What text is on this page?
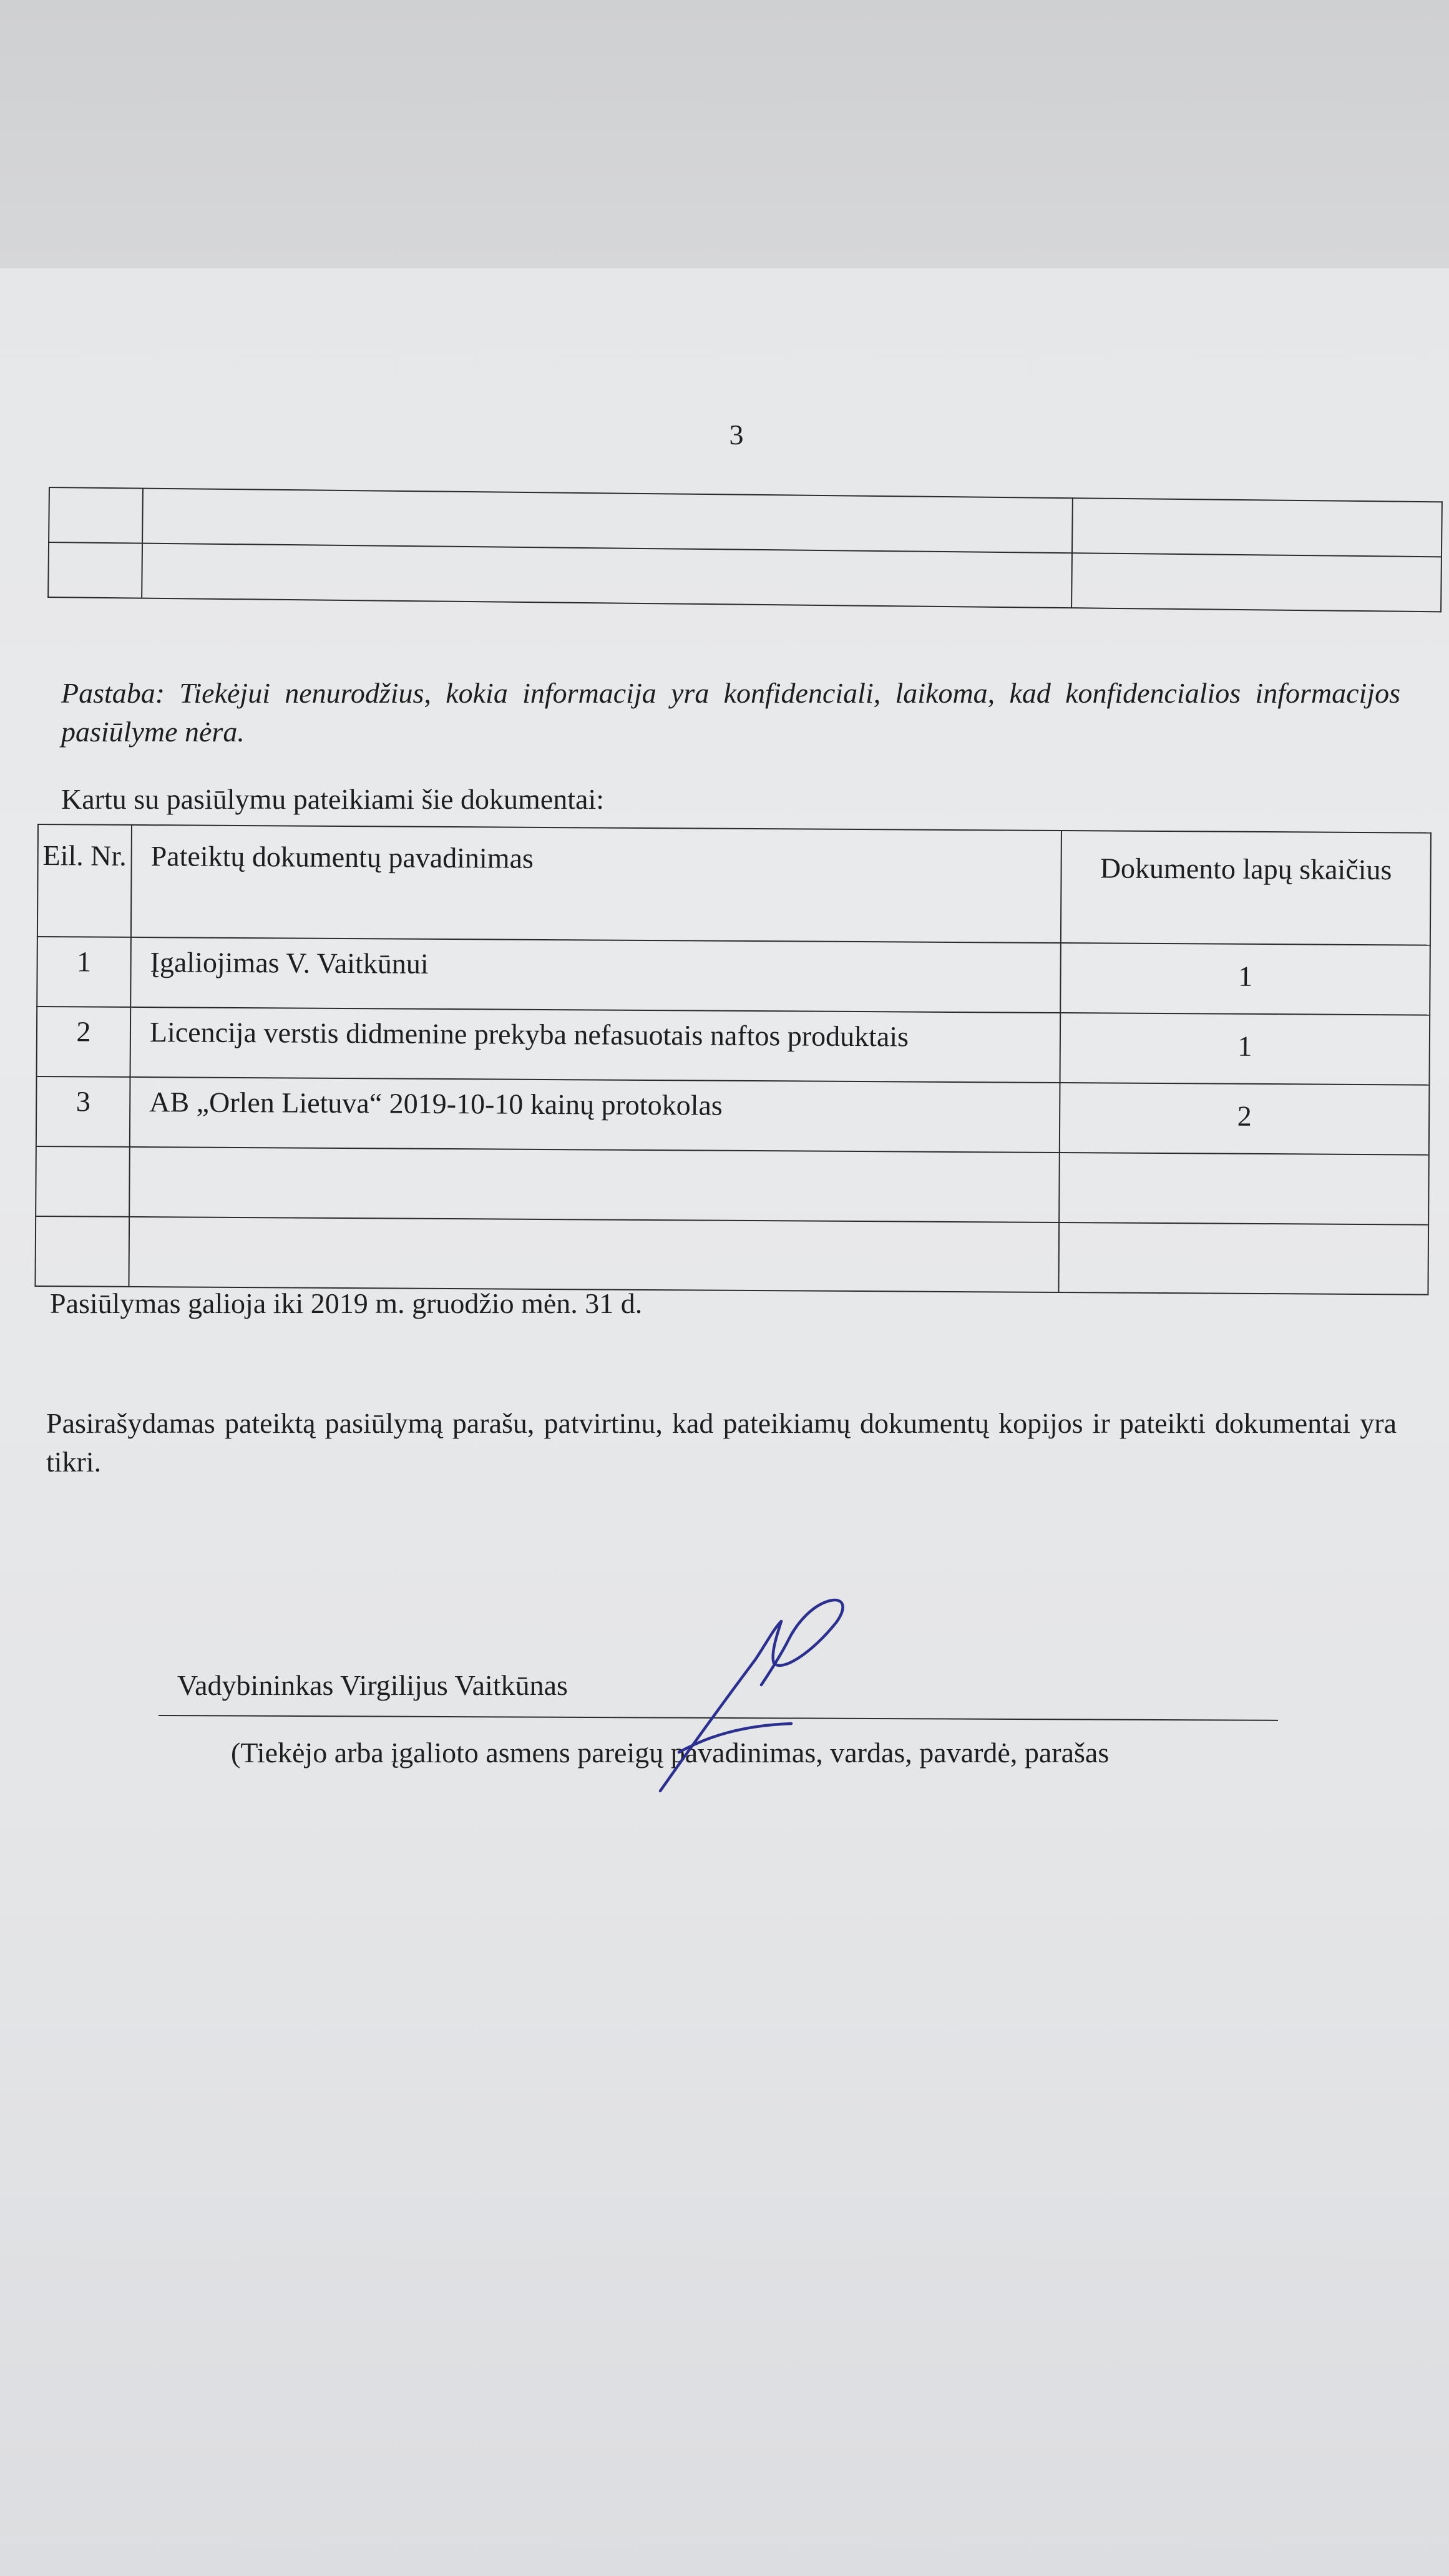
3

Pastaba: Tiekėjui nenurodžius, kokia informacija yra konfidenciali, laikoma, kad konfidencialios informacijos pasiūlyme nėra.

Kartu su pasiūlymu pateikiami šie dokumentai:

Eil. Nr.	Pateiktų dokumentų pavadinimas	Dokumento lapų skaičius
1	Įgaliojimas V. Vaitkūnui	1
2	Licencija verstis didmenine prekyba nefasuotais naftos produktais	1
3	AB „Orlen Lietuva“ 2019-10-10 kainų protokolas	2

Pasiūlymas galioja iki 2019 m. gruodžio mėn. 31 d.

Pasirašydamas pateiktą pasiūlymą parašu, patvirtinu, kad pateikiamų dokumentų kopijos ir pateikti dokumentai yra tikri.

Vadybininkas Virgilijus Vaitkūnas

(Tiekėjo arba įgalioto asmens pareigų pavadinimas, vardas, pavardė, parašas
